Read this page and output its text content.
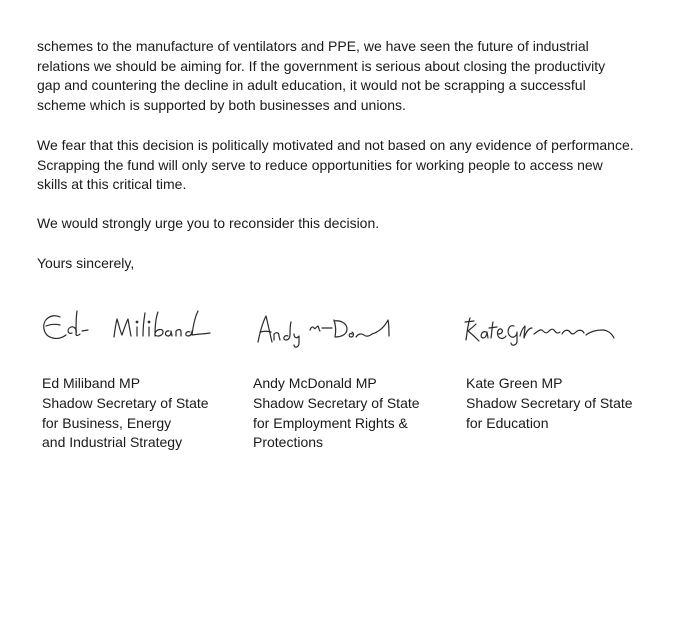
schemes to the manufacture of ventilators and PPE, we have seen the future of industrial
relations we should be aiming for. If the government is serious about closing the productivity
gap and countering the decline in adult education, it would not be scrapping a successful
scheme which is supported by both businesses and unions.

We fear that this decision is politically motivated and not based on any evidence of performance.
Scrapping the fund will only serve to reduce opportunities for working people to access new
skills at this critical time.

We would strongly urge you to reconsider this decision.

Yours sincerely,

Ed Miliband MP
Shadow Secretary of State
for Business, Energy
and Industrial Strategy
Andy McDonald MP
Shadow Secretary of State
for Employment Rights &
Protections
Kate Green MP
Shadow Secretary of State
for Education
